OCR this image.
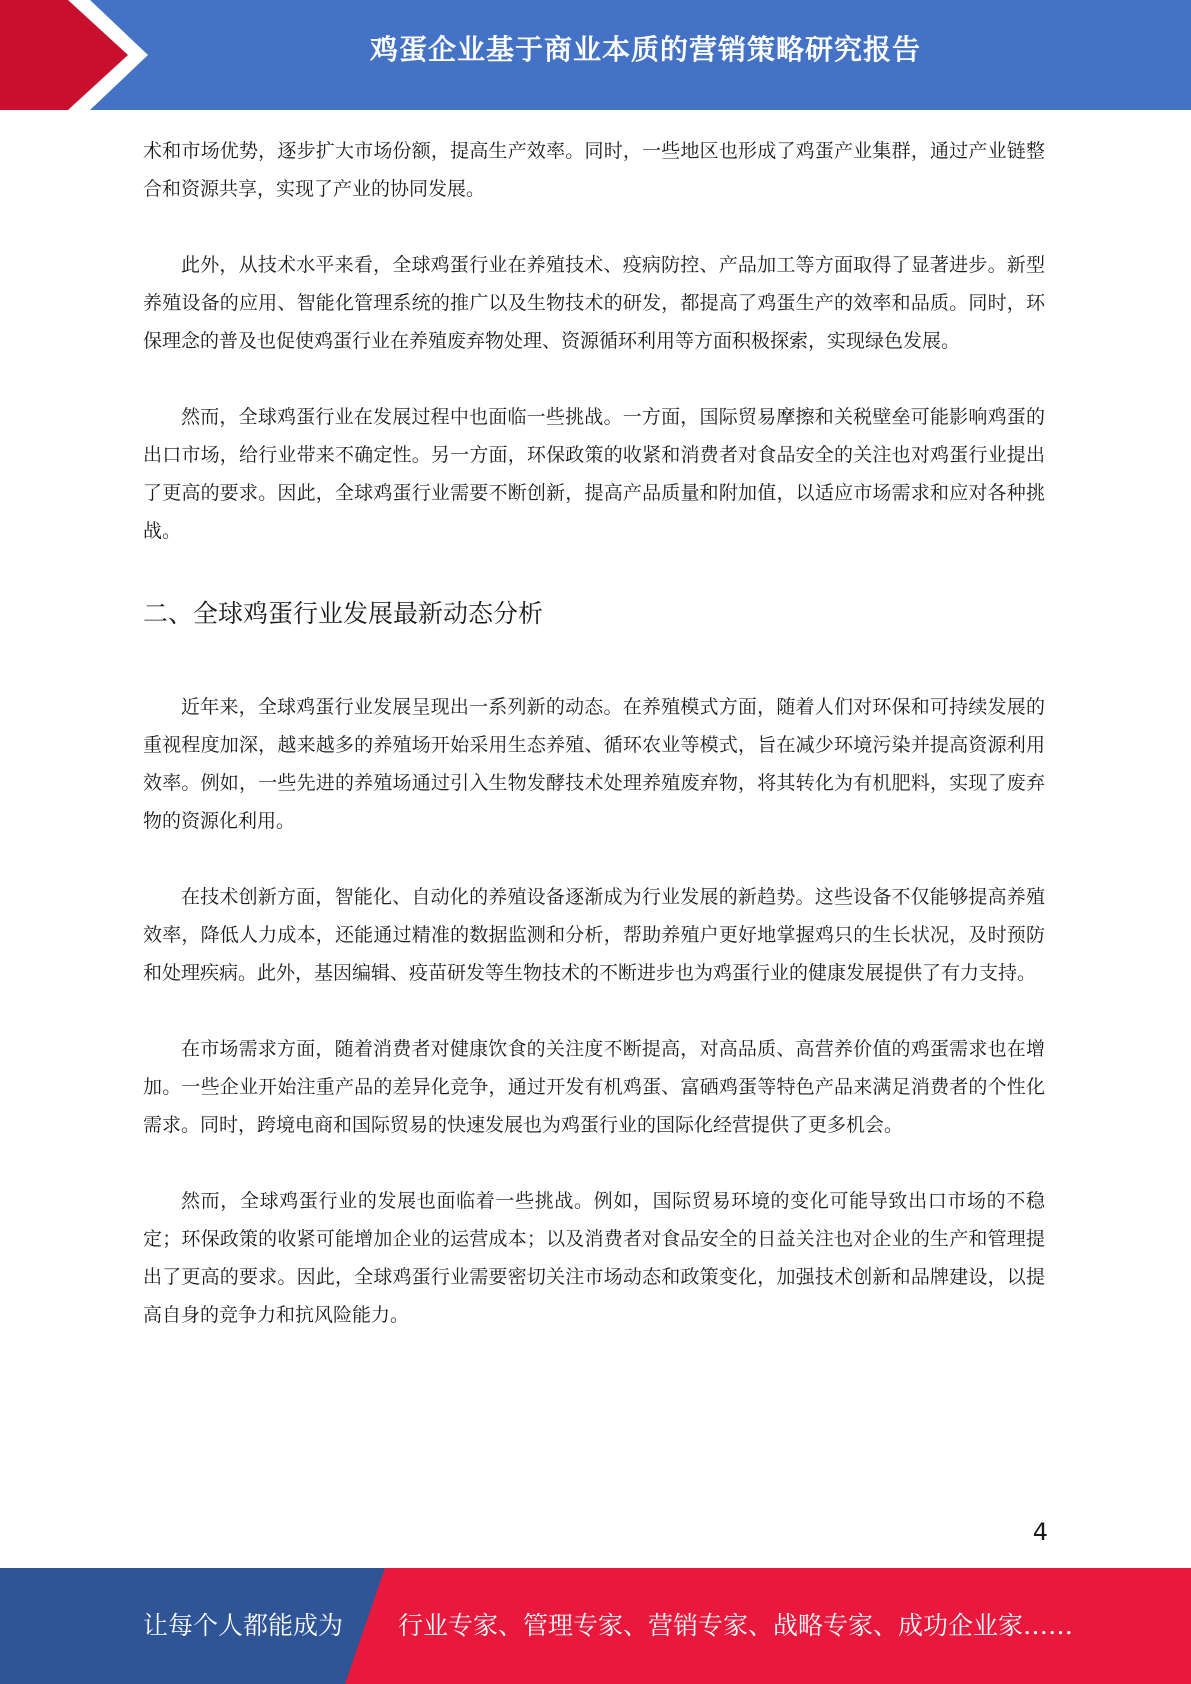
鸡蛋企业基于商业本质的营销策略研究报告

术和市场优势，逐步扩大市场份额，提高生产效率。同时，一些地区也形成了鸡蛋产业集群，通过产业链整合和资源共享，实现了产业的协同发展。

此外，从技术水平来看，全球鸡蛋行业在养殖技术、疫病防控、产品加工等方面取得了显著进步。新型养殖设备的应用、智能化管理系统的推广以及生物技术的研发，都提高了鸡蛋生产的效率和品质。同时，环保理念的普及也促使鸡蛋行业在养殖废弃物处理、资源循环利用等方面积极探索，实现绿色发展。

然而，全球鸡蛋行业在发展过程中也面临一些挑战。一方面，国际贸易摩擦和关税壁垒可能影响鸡蛋的出口市场，给行业带来不确定性。另一方面，环保政策的收紧和消费者对食品安全的关注也对鸡蛋行业提出了更高的要求。因此，全球鸡蛋行业需要不断创新，提高产品质量和附加值，以适应市场需求和应对各种挑战。

二、全球鸡蛋行业发展最新动态分析

近年来，全球鸡蛋行业发展呈现出一系列新的动态。在养殖模式方面，随着人们对环保和可持续发展的重视程度加深，越来越多的养殖场开始采用生态养殖、循环农业等模式，旨在减少环境污染并提高资源利用效率。例如，一些先进的养殖场通过引入生物发酵技术处理养殖废弃物，将其转化为有机肥料，实现了废弃物的资源化利用。

在技术创新方面，智能化、自动化的养殖设备逐渐成为行业发展的新趋势。这些设备不仅能够提高养殖效率，降低人力成本，还能通过精准的数据监测和分析，帮助养殖户更好地掌握鸡只的生长状况，及时预防和处理疾病。此外，基因编辑、疫苗研发等生物技术的不断进步也为鸡蛋行业的健康发展提供了有力支持。

在市场需求方面，随着消费者对健康饮食的关注度不断提高，对高品质、高营养价值的鸡蛋需求也在增加。一些企业开始注重产品的差异化竞争，通过开发有机鸡蛋、富硒鸡蛋等特色产品来满足消费者的个性化需求。同时，跨境电商和国际贸易的快速发展也为鸡蛋行业的国际化经营提供了更多机会。

然而，全球鸡蛋行业的发展也面临着一些挑战。例如，国际贸易环境的变化可能导致出口市场的不稳定；环保政策的收紧可能增加企业的运营成本；以及消费者对食品安全的日益关注也对企业的生产和管理提出了更高的要求。因此，全球鸡蛋行业需要密切关注市场动态和政策变化，加强技术创新和品牌建设，以提高自身的竞争力和抗风险能力。

4
让每个人都能成为 行业专家、管理专家、营销专家、战略专家、成功企业家……
